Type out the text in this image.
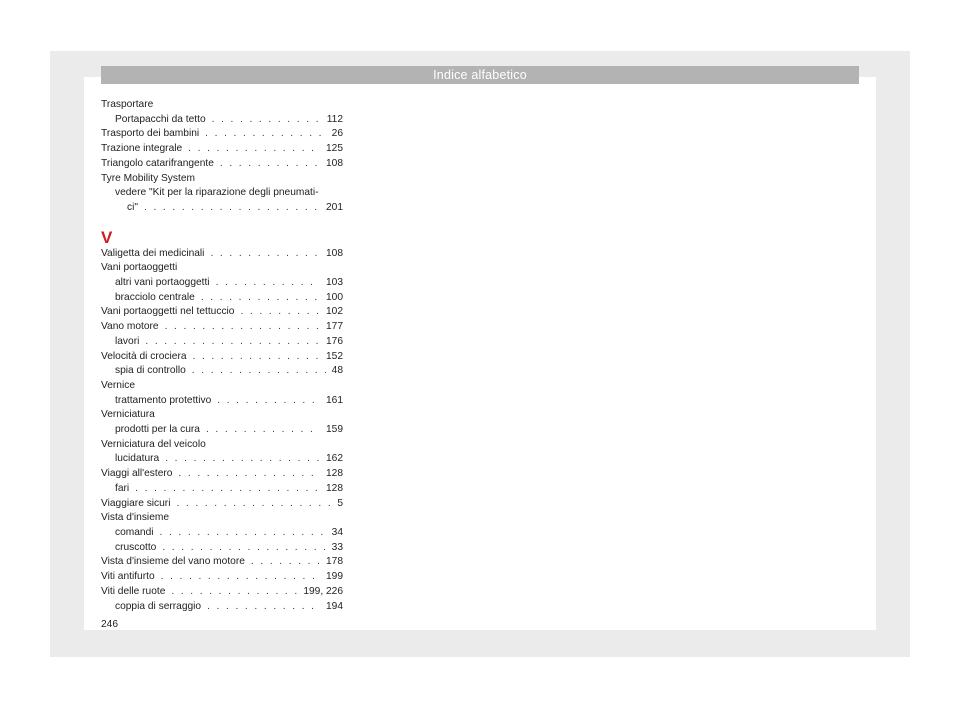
Indice alfabetico
Trasportare
Portapacchi da tetto . . .	112
Trasporto dei bambini . . .	26
Trazione integrale . . .	125
Triangolo catarifrangente . . .	108
Tyre Mobility System
vedere "Kit per la riparazione degli pneumati-
ci" . . .	201
V
Valigetta dei medicinali . . .	108
Vani portaoggetti
altri vani portaoggetti . . .	103
bracciolo centrale . . .	100
Vani portaoggetti nel tettuccio . . .	102
Vano motore . . .	177
lavori . . .	176
Velocità di crociera . . .	152
spia di controllo . . .	48
Vernice
trattamento protettivo . . .	161
Verniciatura
prodotti per la cura . . .	159
Verniciatura del veicolo
lucidatura . . .	162
Viaggi all'estero . . .	128
fari . . .	128
Viaggiare sicuri . . .	5
Vista d'insieme
comandi . . .	34
cruscotto . . .	33
Vista d'insieme del vano motore . . .	178
Viti antifurto . . .	199
Viti delle ruote . . .	199, 226
coppia di serraggio . . .	194
246
